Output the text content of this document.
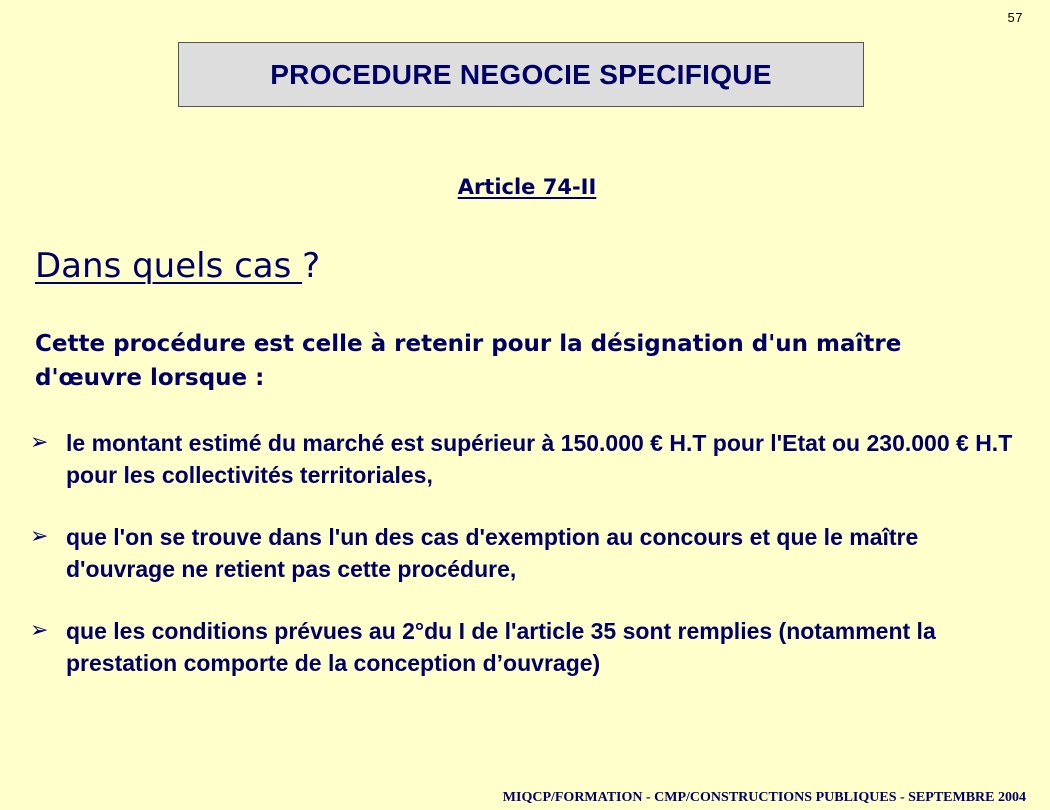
57
PROCEDURE NEGOCIE SPECIFIQUE
Article 74‑II
Dans quels cas ?
Cette procédure est celle à retenir pour la désignation d'un maître d'œuvre lorsque :
➢ le montant estimé du marché est supérieur à 150.000 € H.T pour l'Etat ou 230.000 € H.T pour les collectivités territoriales,
➢ que l'on se trouve dans l'un des cas d'exemption au concours et que le maître d'ouvrage ne retient pas cette procédure,
➢ que les conditions prévues au 2°du I de l'article 35 sont remplies (notamment la prestation comporte de la conception d’ouvrage)
MIQCP/FORMATION - CMP/CONSTRUCTIONS PUBLIQUES - SEPTEMBRE 2004
